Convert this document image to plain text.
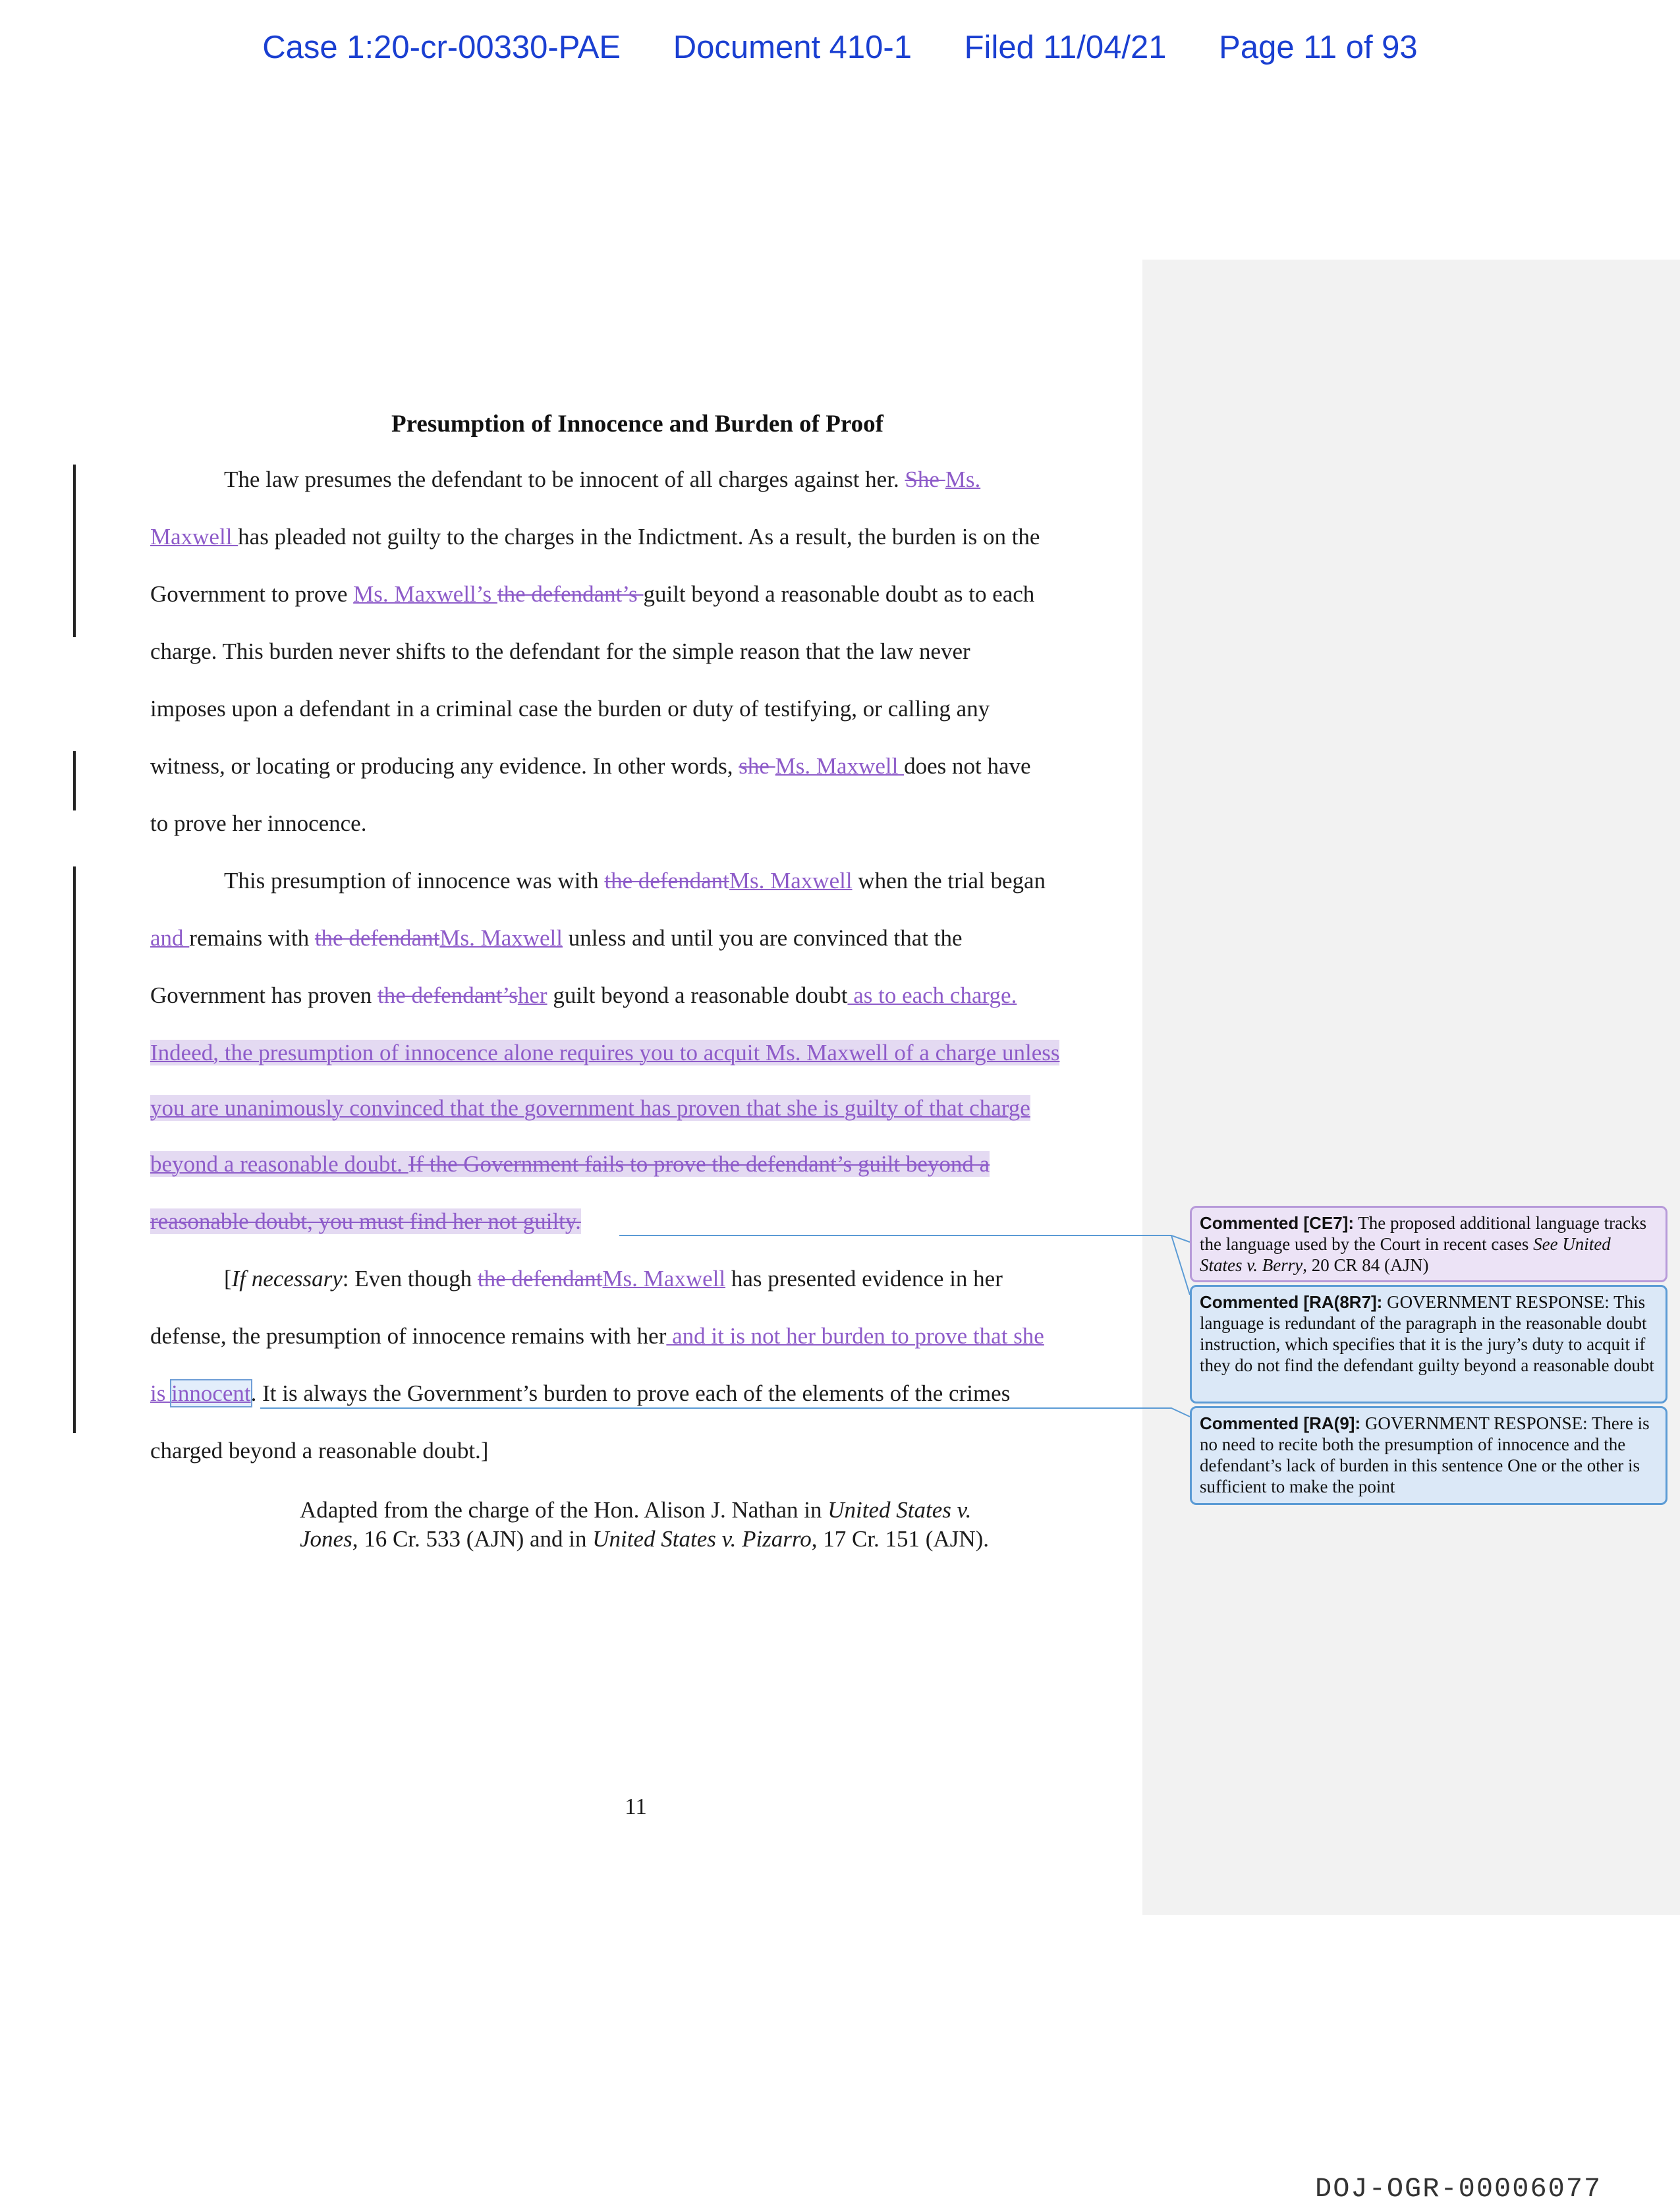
Case 1:20-cr-00330-PAE Document 410-1 Filed 11/04/21 Page 11 of 93
Presumption of Innocence and Burden of Proof
The law presumes the defendant to be innocent of all charges against her. She Ms.
Maxwell has pleaded not guilty to the charges in the Indictment. As a result, the burden is on the
Government to prove Ms. Maxwell’s the defendant’s guilt beyond a reasonable doubt as to each
charge. This burden never shifts to the defendant for the simple reason that the law never
imposes upon a defendant in a criminal case the burden or duty of testifying, or calling any
witness, or locating or producing any evidence. In other words, she Ms. Maxwell does not have
to prove her innocence.
This presumption of innocence was with the defendantMs. Maxwell when the trial began
and remains with the defendantMs. Maxwell unless and until you are convinced that the
Government has proven the defendant’sher guilt beyond a reasonable doubt as to each charge.
Indeed, the presumption of innocence alone requires you to acquit Ms. Maxwell of a charge unless
you are unanimously convinced that the government has proven that she is guilty of that charge
beyond a reasonable doubt. If the Government fails to prove the defendant’s guilt beyond a
reasonable doubt, you must find her not guilty.
[If necessary: Even though the defendantMs. Maxwell has presented evidence in her
defense, the presumption of innocence remains with her and it is not her burden to prove that she
is innocent. It is always the Government’s burden to prove each of the elements of the crimes
charged beyond a reasonable doubt.]
Adapted from the charge of the Hon. Alison J. Nathan in United States v. Jones, 16 Cr. 533 (AJN) and in United States v. Pizarro, 17 Cr. 151 (AJN).
11
Commented [CE7]: The proposed additional language tracks the language used by the Court in recent cases See United States v. Berry, 20 CR 84 (AJN)
Commented [RA(8R7]: GOVERNMENT RESPONSE: This language is redundant of the paragraph in the reasonable doubt instruction, which specifies that it is the jury’s duty to acquit if they do not find the defendant guilty beyond a reasonable doubt
Commented [RA(9]: GOVERNMENT RESPONSE: There is no need to recite both the presumption of innocence and the defendant’s lack of burden in this sentence One or the other is sufficient to make the point
DOJ-OGR-00006077
